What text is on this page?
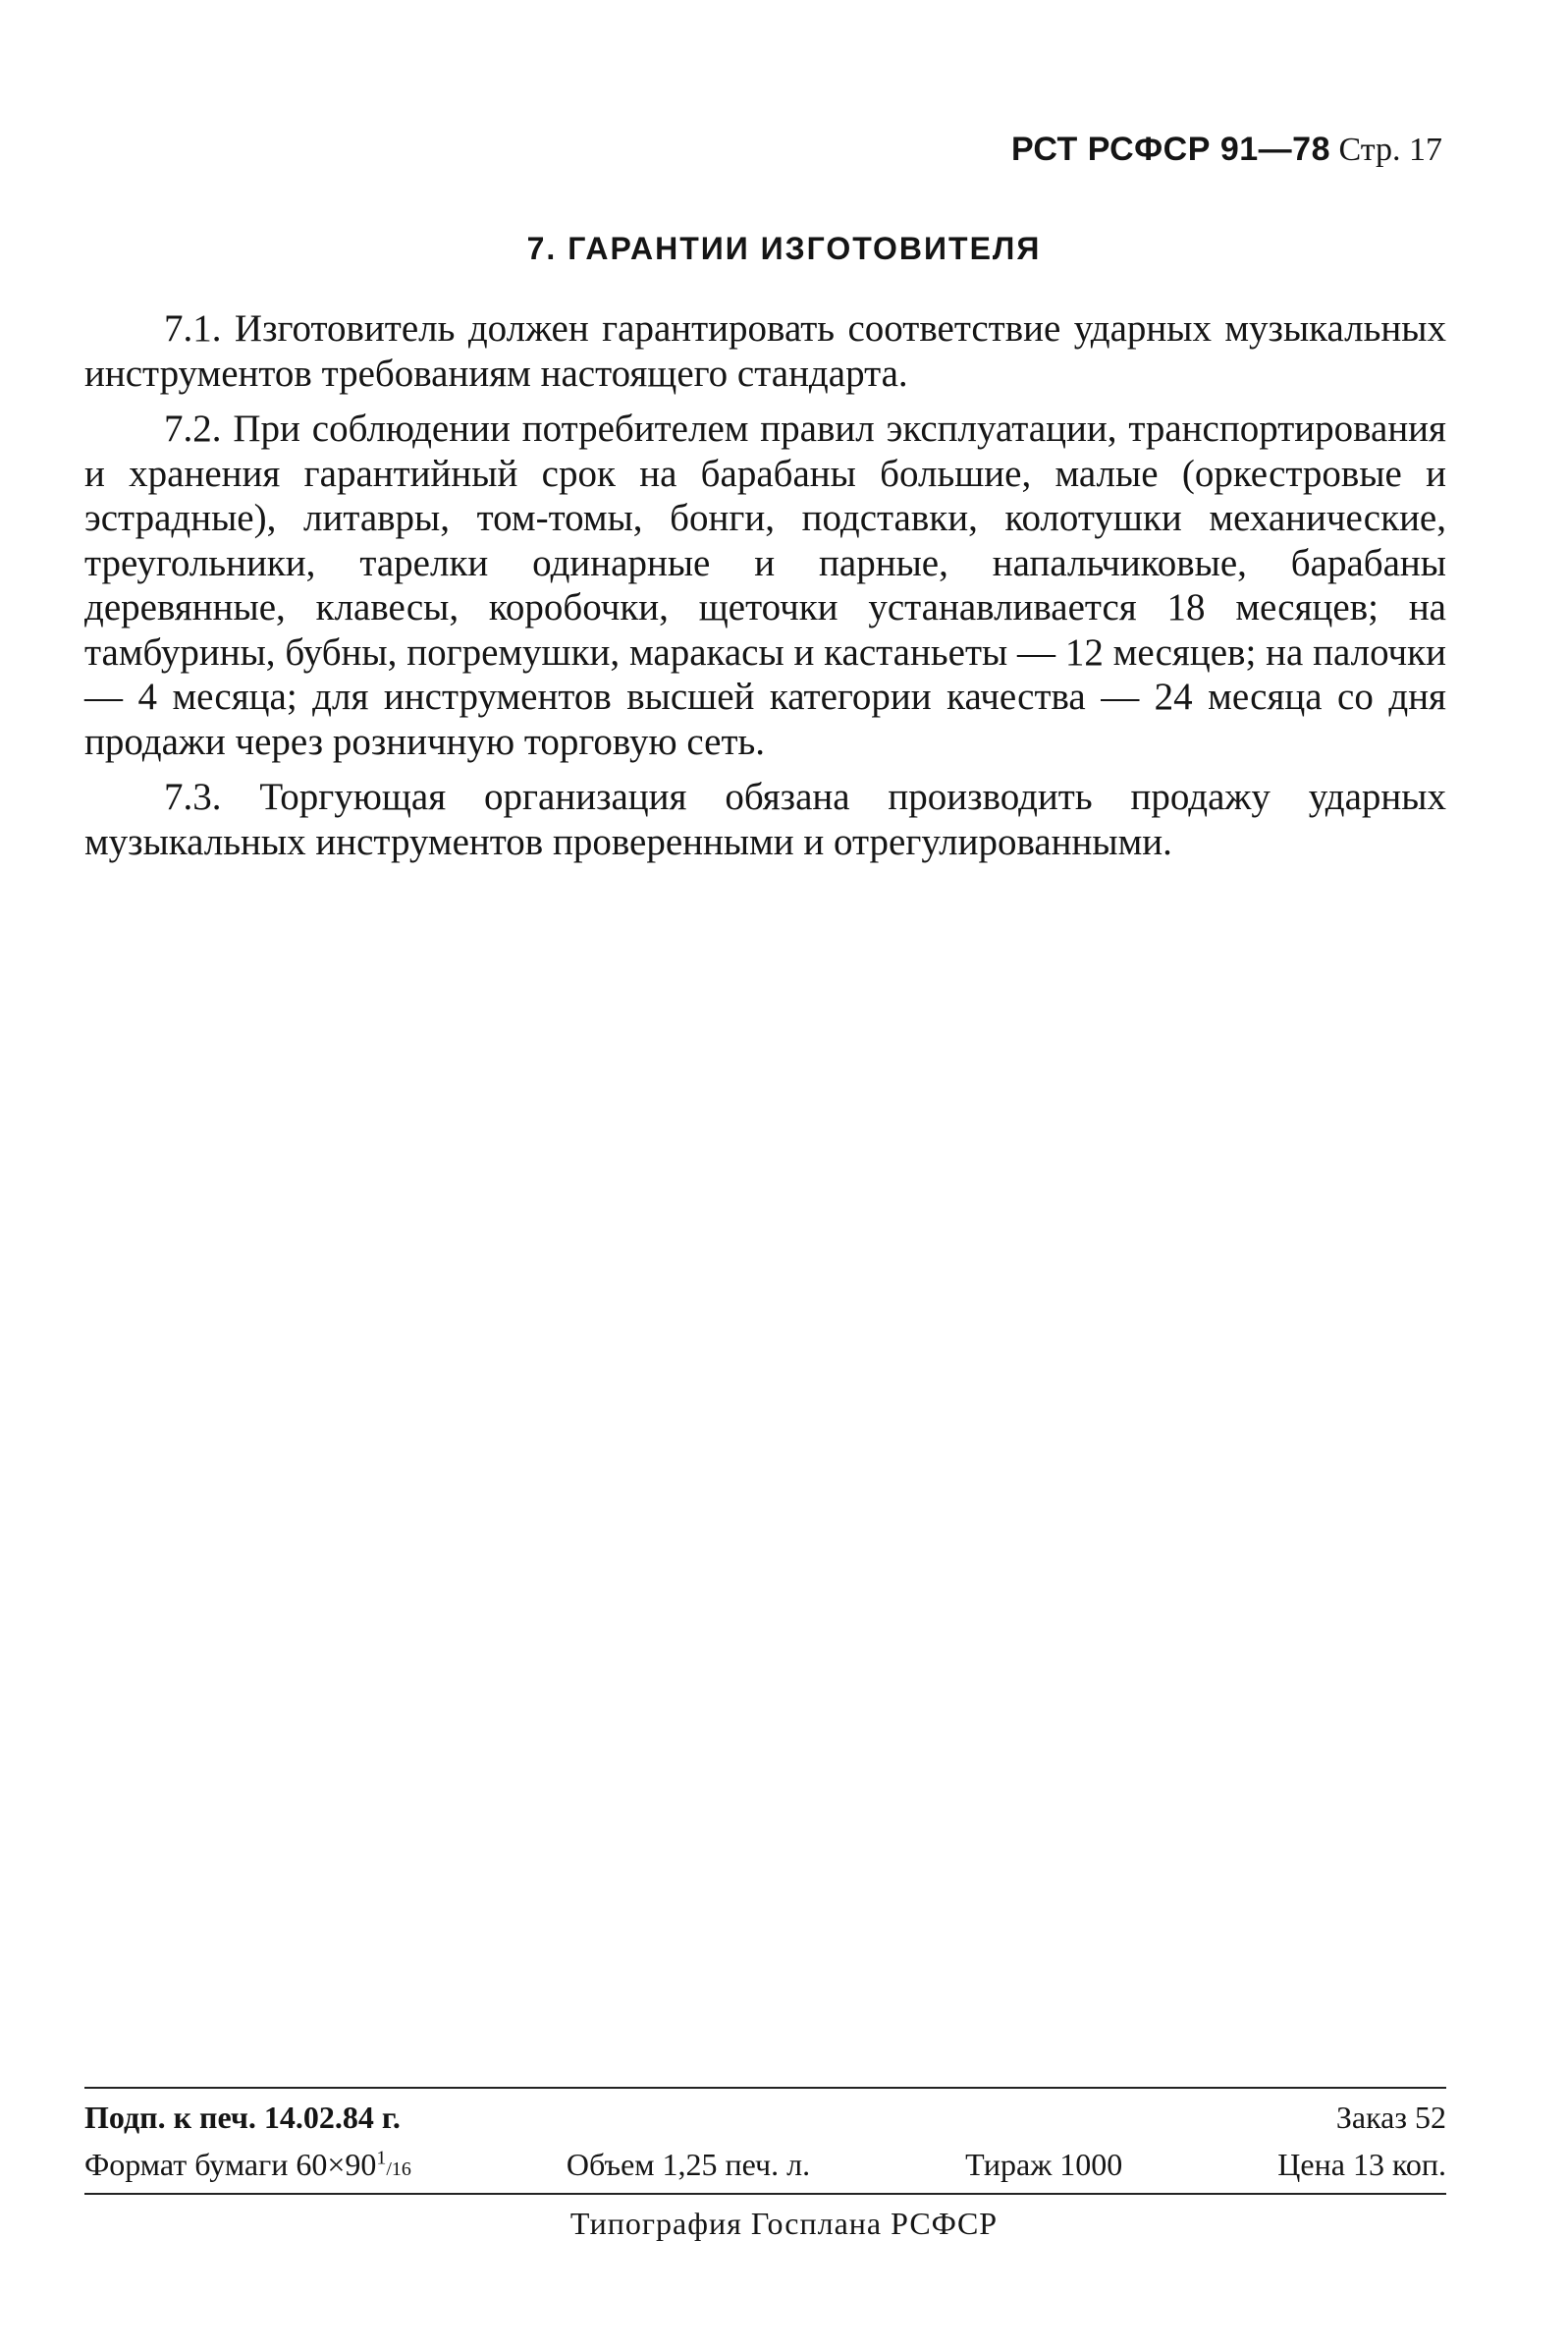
РСТ РСФСР 91—78 Стр. 17
7. ГАРАНТИИ ИЗГОТОВИТЕЛЯ

7.1. Изготовитель должен гарантировать соответствие ударных музыкальных инструментов требованиям настоящего стандарта.

7.2. При соблюдении потребителем правил эксплуатации, транспортирования и хранения гарантийный срок на барабаны большие, малые (оркестровые и эстрадные), литавры, том-томы, бонги, подставки, колотушки механические, треугольники, тарелки одинарные и парные, напальчиковые, барабаны деревянные, клавесы, коробочки, щеточки устанавливается 18 месяцев; на тамбурины, бубны, погремушки, маракасы и кастаньеты — 12 месяцев; на палочки — 4 месяца; для инструментов высшей категории качества — 24 месяца со дня продажи через розничную торговую сеть.

7.3. Торгующая организация обязана производить продажу ударных музыкальных инструментов проверенными и отрегулированными.

Подп. к печ. 14.02.84 г.	Заказ 52
Формат бумаги $60\times 90^1/16$	Объем 1,25 печ. л.	Тираж 1000	Цена 13 коп.
Типография Госплана РСФСР
